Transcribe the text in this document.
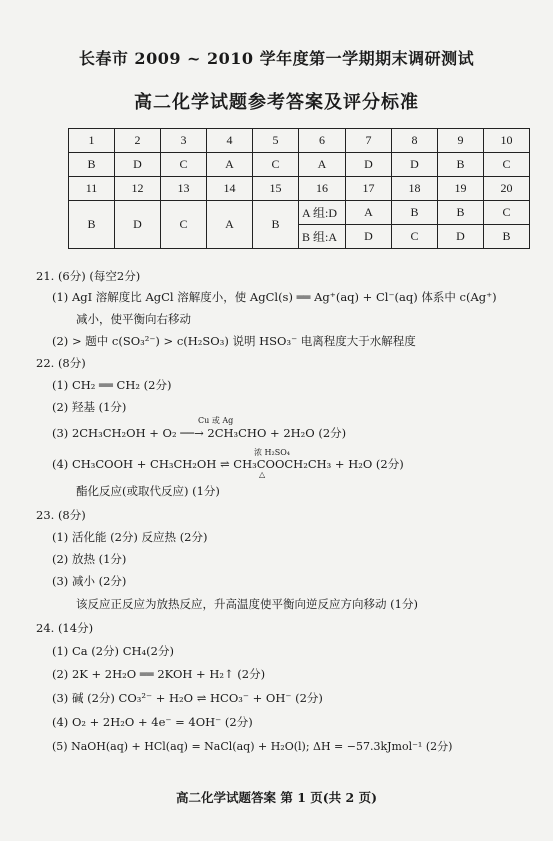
长春市 2009 ~ 2010 学年度第一学期期末调研测试
高二化学试题参考答案及评分标准
1	2	3	4	5	6	7	8	9	10
B	D	C	A	C	A	D	D	B	C
11	12	13	14	15	16	17	18	19	20
B	D	C	A	B	A 组:D	A	B	B	C
					B 组:A	D	C	D	B
21. (6分) (每空2分)
(1) AgI 溶解度比 AgCl 溶解度小，使 AgCl(s) ══ Ag⁺(aq) + Cl⁻(aq) 体系中 c(Ag⁺)
减小，使平衡向右移动
(2) > 题中 c(SO₃²⁻) > c(H₂SO₃) 说明 HSO₃⁻ 电离程度大于水解程度
22. (8分)
(1) CH₂ ══ CH₂ (2分)
(2) 羟基 (1分)
Cu 或 Ag
(3) 2CH₃CH₂OH + O₂ ──→ 2CH₃CHO + 2H₂O (2分)
浓 H₂SO₄
(4) CH₃COOH + CH₃CH₂OH ⇌ CH₃COOCH₂CH₃ + H₂O (2分)
△
酯化反应(或取代反应) (1分)
23. (8分)
(1) 活化能 (2分) 反应热 (2分)
(2) 放热 (1分)
(3) 减小 (2分)
该反应正反应为放热反应，升高温度使平衡向逆反应方向移动 (1分)
24. (14分)
(1) Ca (2分) CH₄(2分)
(2) 2K + 2H₂O ══ 2KOH + H₂↑ (2分)
(3) 碱 (2分) CO₃²⁻ + H₂O ⇌ HCO₃⁻ + OH⁻ (2分)
(4) O₂ + 2H₂O + 4e⁻ = 4OH⁻ (2分)
(5) NaOH(aq) + HCl(aq) = NaCl(aq) + H₂O(l); ΔH = −57.3kJmol⁻¹ (2分)
高二化学试题答案 第 1 页(共 2 页)
